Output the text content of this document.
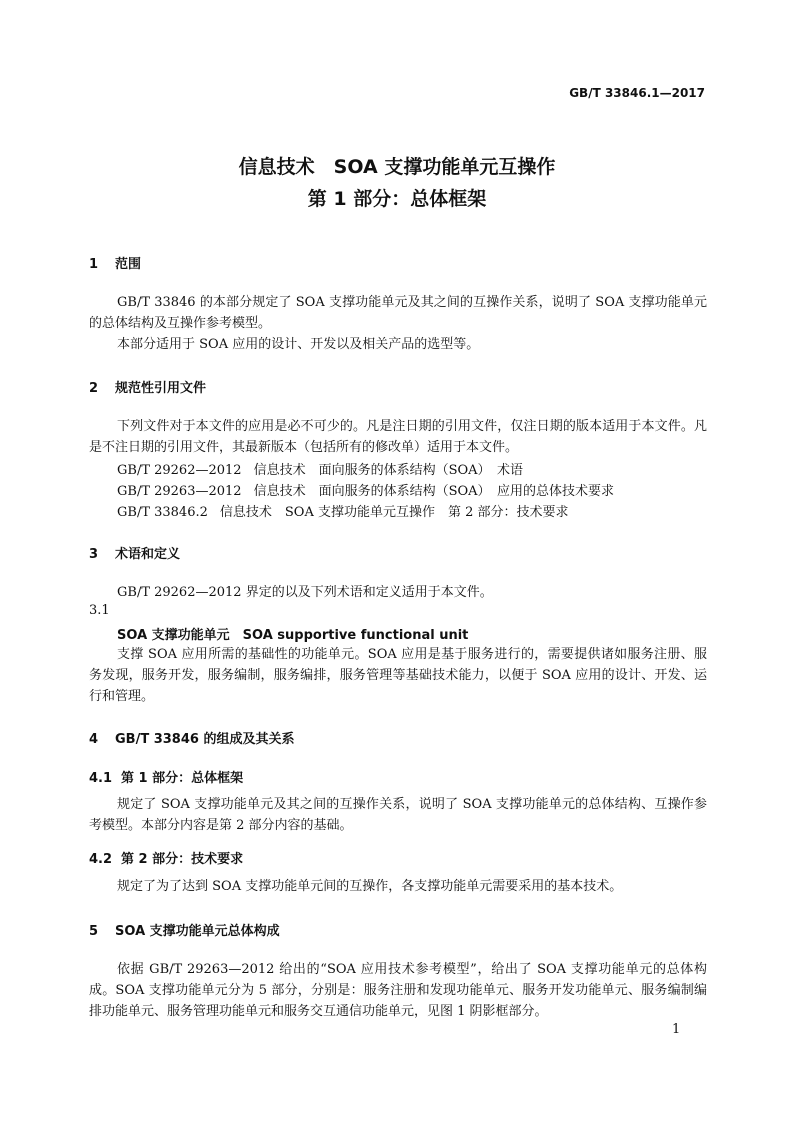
GB/T 33846.1—2017
信息技术　SOA 支撑功能单元互操作
第 1 部分：总体框架
1 范围
GB/T 33846 的本部分规定了 SOA 支撑功能单元及其之间的互操作关系，说明了 SOA 支撑功能单元的总体结构及互操作参考模型。
本部分适用于 SOA 应用的设计、开发以及相关产品的选型等。
2 规范性引用文件
下列文件对于本文件的应用是必不可少的。凡是注日期的引用文件，仅注日期的版本适用于本文件。凡是不注日期的引用文件，其最新版本（包括所有的修改单）适用于本文件。
GB/T 29262—2012 信息技术　面向服务的体系结构（SOA）　术语
GB/T 29263—2012 信息技术　面向服务的体系结构（SOA）　应用的总体技术要求
GB/T 33846.2 信息技术　SOA 支撑功能单元互操作　第 2 部分：技术要求
3 术语和定义
GB/T 29262—2012 界定的以及下列术语和定义适用于本文件。
3.1
SOA 支撑功能单元　SOA supportive functional unit
支撑 SOA 应用所需的基础性的功能单元。SOA 应用是基于服务进行的，需要提供诸如服务注册、服务发现，服务开发，服务编制，服务编排，服务管理等基础技术能力，以便于 SOA 应用的设计、开发、运行和管理。
4 GB/T 33846 的组成及其关系
4.1 第 1 部分：总体框架
规定了 SOA 支撑功能单元及其之间的互操作关系，说明了 SOA 支撑功能单元的总体结构、互操作参考模型。本部分内容是第 2 部分内容的基础。
4.2 第 2 部分：技术要求
规定了为了达到 SOA 支撑功能单元间的互操作，各支撑功能单元需要采用的基本技术。
5 SOA 支撑功能单元总体构成
依据 GB/T 29263—2012 给出的“SOA 应用技术参考模型”，给出了 SOA 支撑功能单元的总体构成。SOA 支撑功能单元分为 5 部分，分别是：服务注册和发现功能单元、服务开发功能单元、服务编制编排功能单元、服务管理功能单元和服务交互通信功能单元，见图 1 阴影框部分。
1
